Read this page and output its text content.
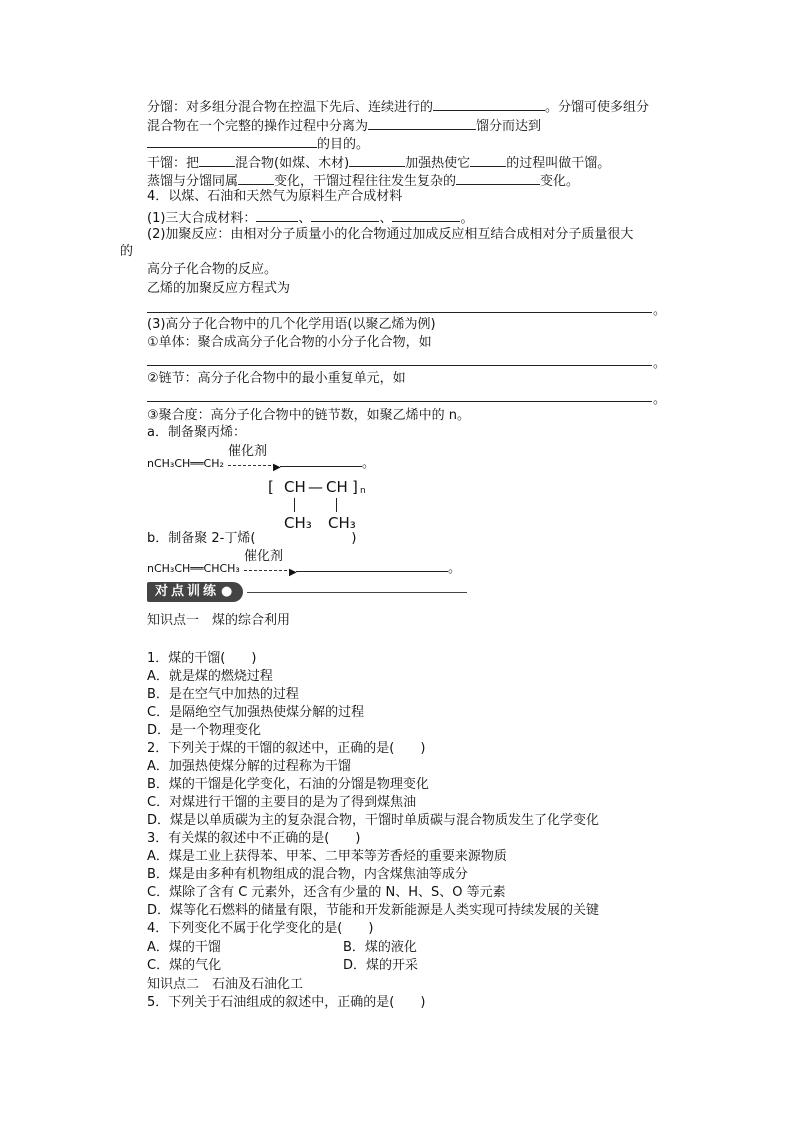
分馏：对多组分混合物在控温下先后、连续进行的	。分馏可使多组分
混合物在一个完整的操作过程中分离为	馏分而达到
的目的。
干馏：把	混合物(如煤、木材)	加强热使它	的过程叫做干馏。
蒸馏与分馏同属	变化，干馏过程往往发生复杂的	变化。
4．以煤、石油和天然气为原料生产合成材料
(1)三大合成材料：	、	、	。
(2)加聚反应：由相对分子质量小的化合物通过加成反应相互结合成相对分子质量很大
的
高分子化合物的反应。
乙烯的加聚反应方程式为
。
(3)高分子化合物中的几个化学用语(以聚乙烯为例)
①单体：聚合成高分子化合物的小分子化合物，如
。
②链节：高分子化合物中的最小重复单元，如
。
③聚合度：高分子化合物中的链节数，如聚乙烯中的 n。
a．制备聚丙烯：
nCH₃CH══CH₂
催化剂
▶	。
[ CH — CH ] n
CH₃ CH₃
b．制备聚 2-丁烯(	)
nCH₃CH══CHCH₃
催化剂
▶	。
对点训练 ●
知识点一　煤的综合利用
1．煤的干馏(　　)
A．就是煤的燃烧过程
B．是在空气中加热的过程
C．是隔绝空气加强热使煤分解的过程
D．是一个物理变化
2．下列关于煤的干馏的叙述中，正确的是(　　)
A．加强热使煤分解的过程称为干馏
B．煤的干馏是化学变化，石油的分馏是物理变化
C．对煤进行干馏的主要目的是为了得到煤焦油
D．煤是以单质碳为主的复杂混合物，干馏时单质碳与混合物质发生了化学变化
3．有关煤的叙述中不正确的是(　　)
A．煤是工业上获得苯、甲苯、二甲苯等芳香烃的重要来源物质
B．煤是由多种有机物组成的混合物，内含煤焦油等成分
C．煤除了含有 C 元素外，还含有少量的 N、H、S、O 等元素
D．煤等化石燃料的储量有限，节能和开发新能源是人类实现可持续发展的关键
4．下列变化不属于化学变化的是(　　)
A．煤的干馏	B．煤的液化
C．煤的气化	D．煤的开采
知识点二　石油及石油化工
5．下列关于石油组成的叙述中，正确的是(　　)
